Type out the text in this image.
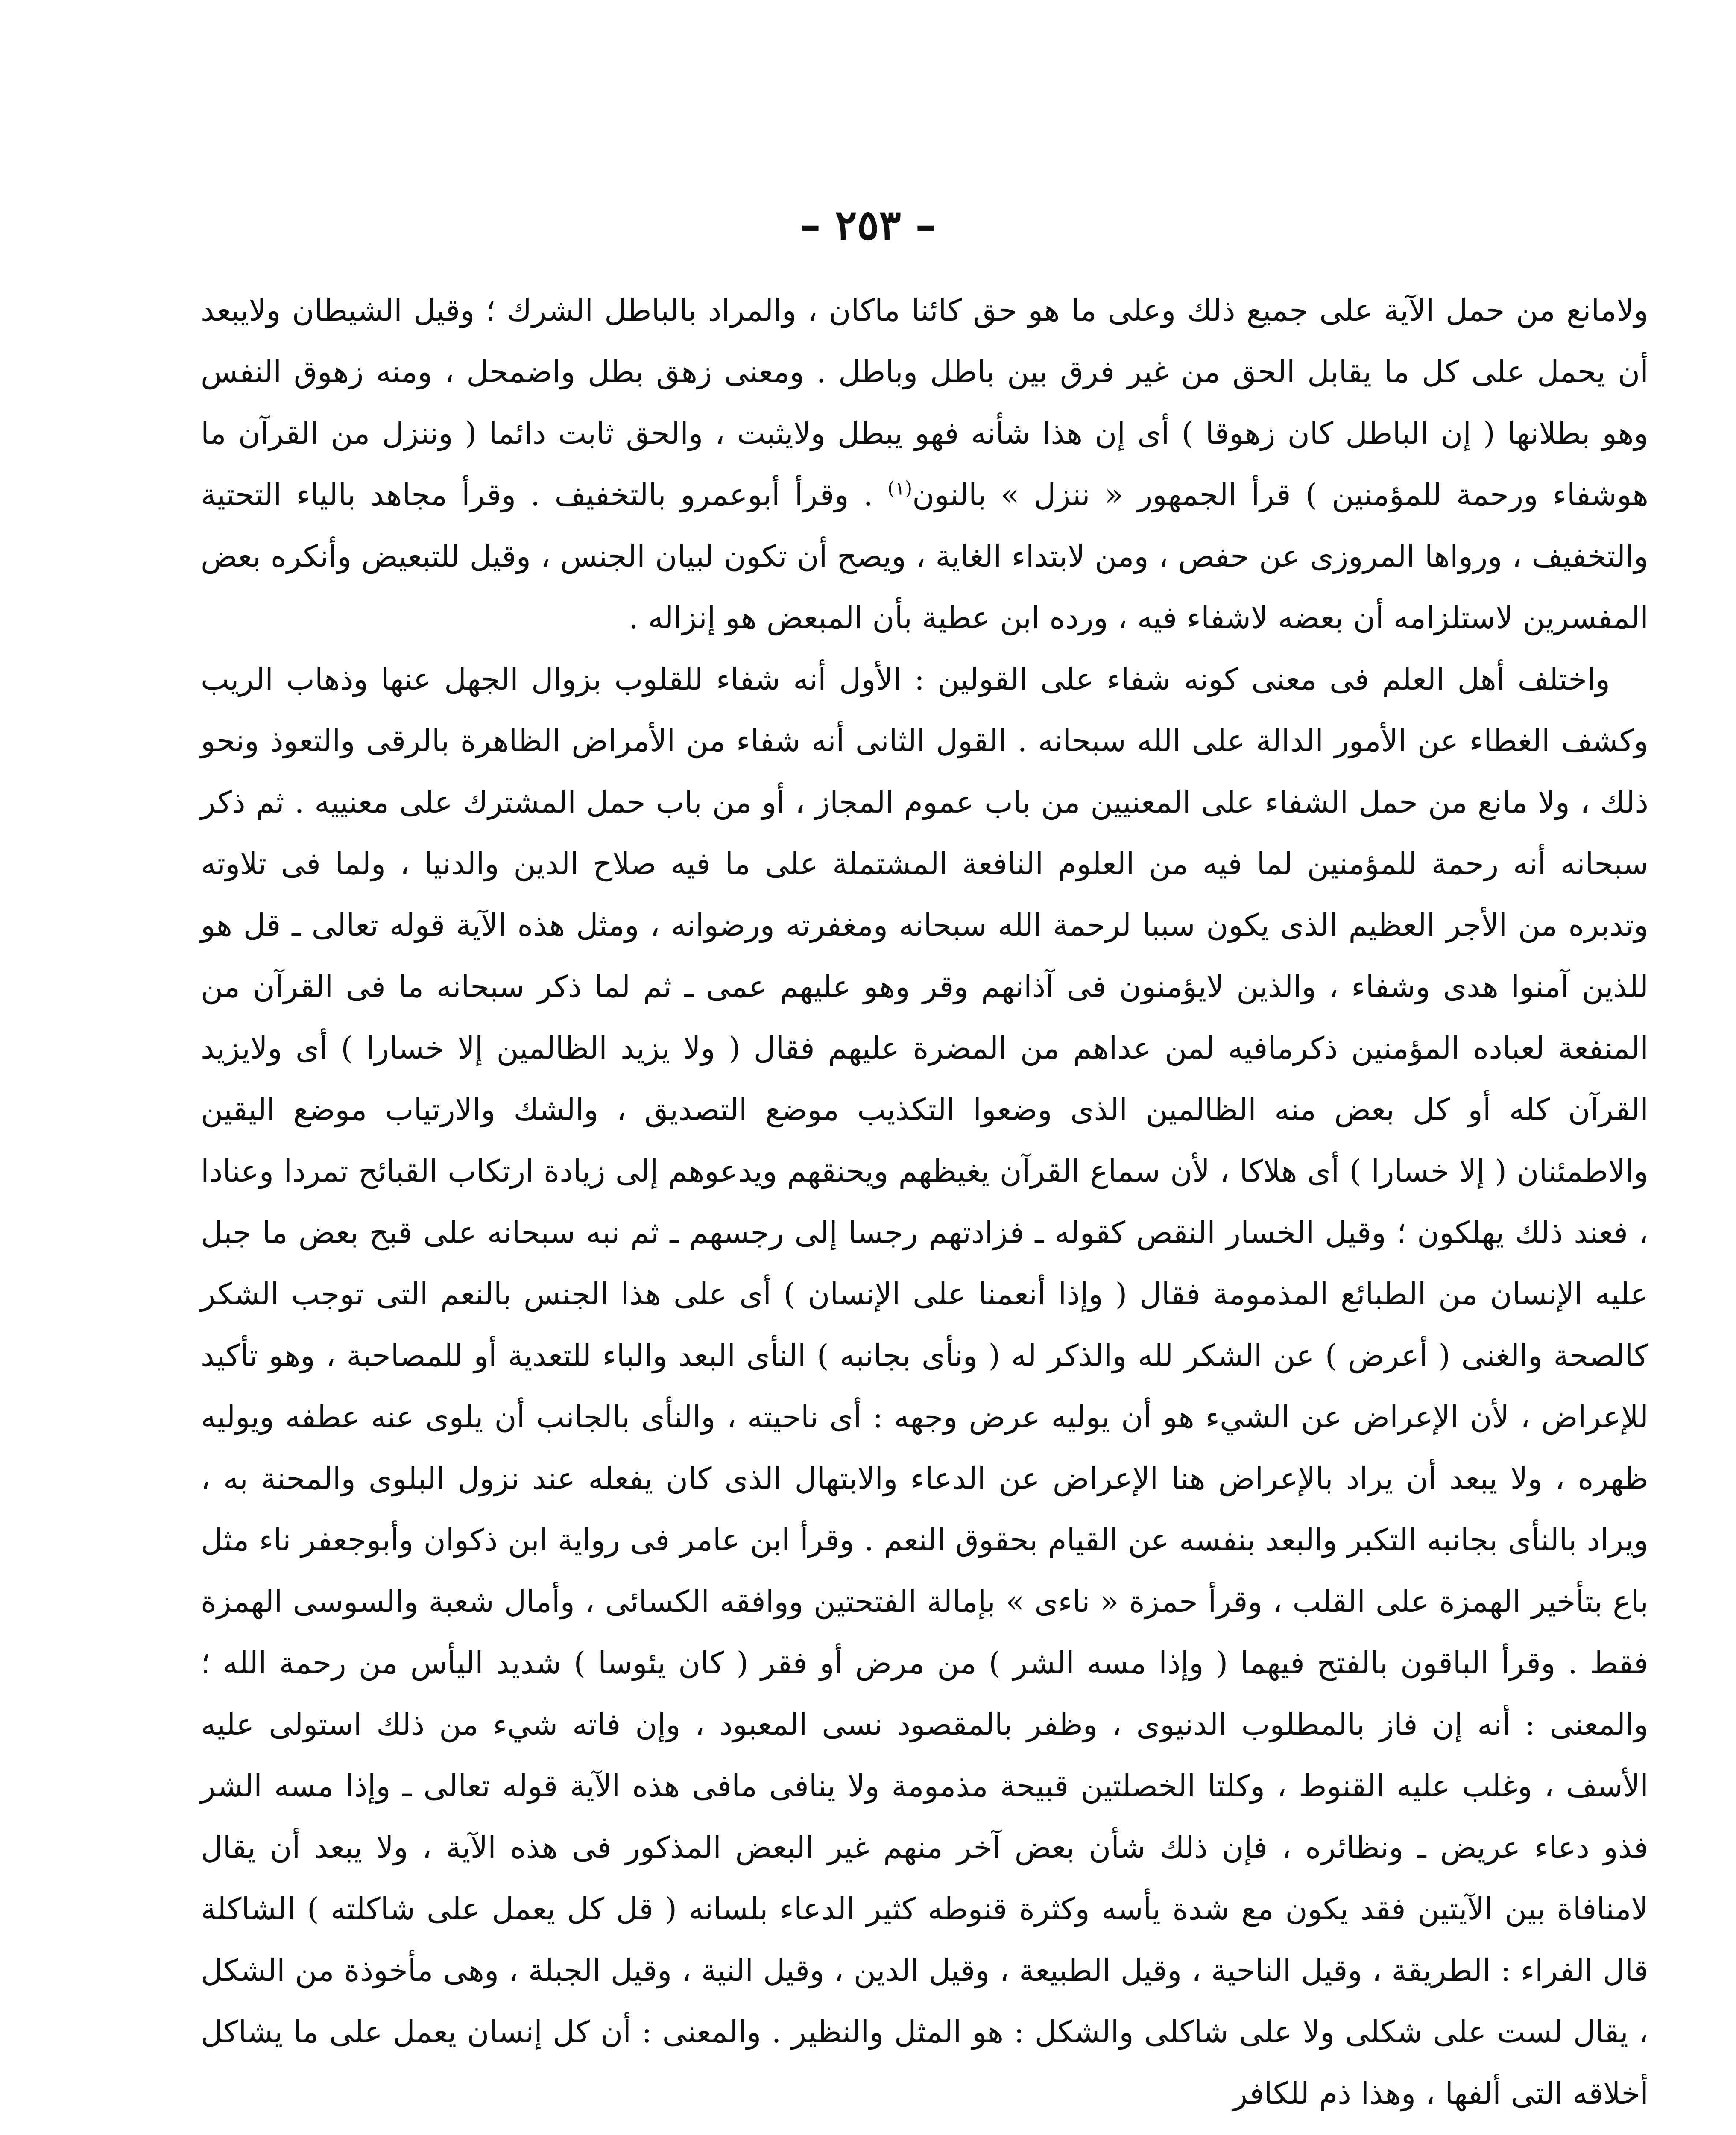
– ٢٥٣ –

ولامانع من حمل الآية على جميع ذلك وعلى ما هو حق كائنا ماكان ، والمراد بالباطل الشرك ؛ وقيل الشيطان ولايبعد أن يحمل على كل ما يقابل الحق من غير فرق بين باطل وباطل . ومعنى زهق بطل واضمحل ، ومنه زهوق النفس وهو بطلانها ( إن الباطل كان زهوقا ) أى إن هذا شأنه فهو يبطل ولايثبت ، والحق ثابت دائما ( وننزل من القرآن ما هوشفاء ورحمة للمؤمنين ) قرأ الجمهور « ننزل » بالنون$^{(١)}$ . وقرأ أبوعمرو بالتخفيف . وقرأ مجاهد بالياء التحتية والتخفيف ، ورواها المروزى عن حفص ، ومن لابتداء الغاية ، ويصح أن تكون لبيان الجنس ، وقيل للتبعيض وأنكره بعض المفسرين لاستلزامه أن بعضه لاشفاء فيه ، ورده ابن عطية بأن المبعض هو إنزاله .

واختلف أهل العلم فى معنى كونه شفاء على القولين : الأول أنه شفاء للقلوب بزوال الجهل عنها وذهاب الريب وكشف الغطاء عن الأمور الدالة على الله سبحانه . القول الثانى أنه شفاء من الأمراض الظاهرة بالرقى والتعوذ ونحو ذلك ، ولا مانع من حمل الشفاء على المعنيين من باب عموم المجاز ، أو من باب حمل المشترك على معنييه . ثم ذكر سبحانه أنه رحمة للمؤمنين لما فيه من العلوم النافعة المشتملة على ما فيه صلاح الدين والدنيا ، ولما فى تلاوته وتدبره من الأجر العظيم الذى يكون سببا لرحمة الله سبحانه ومغفرته ورضوانه ، ومثل هذه الآية قوله تعالى ـ قل هو للذين آمنوا هدى وشفاء ، والذين لايؤمنون فى آذانهم وقر وهو عليهم عمى ـ ثم لما ذكر سبحانه ما فى القرآن من المنفعة لعباده المؤمنين ذكرمافيه لمن عداهم من المضرة عليهم فقال ( ولا يزيد الظالمين إلا خسارا ) أى ولايزيد القرآن كله أو كل بعض منه الظالمين الذى وضعوا التكذيب موضع التصديق ، والشك والارتياب موضع اليقين والاطمئنان ( إلا خسارا ) أى هلاكا ، لأن سماع القرآن يغيظهم ويحنقهم ويدعوهم إلى زيادة ارتكاب القبائح تمردا وعنادا ، فعند ذلك يهلكون ؛ وقيل الخسار النقص كقوله ـ فزادتهم رجسا إلى رجسهم ـ ثم نبه سبحانه على قبح بعض ما جبل عليه الإنسان من الطبائع المذمومة فقال ( وإذا أنعمنا على الإنسان ) أى على هذا الجنس بالنعم التى توجب الشكر كالصحة والغنى ( أعرض ) عن الشكر لله والذكر له ( ونأى بجانبه ) النأى البعد والباء للتعدية أو للمصاحبة ، وهو تأكيد للإعراض ، لأن الإعراض عن الشيء هو أن يوليه عرض وجهه : أى ناحيته ، والنأى بالجانب أن يلوى عنه عطفه ويوليه ظهره ، ولا يبعد أن يراد بالإعراض هنا الإعراض عن الدعاء والابتهال الذى كان يفعله عند نزول البلوى والمحنة به ، ويراد بالنأى بجانبه التكبر والبعد بنفسه عن القيام بحقوق النعم . وقرأ ابن عامر فى رواية ابن ذكوان وأبوجعفر ناء مثل باع بتأخير الهمزة على القلب ، وقرأ حمزة « ناءى » بإمالة الفتحتين ووافقه الكسائى ، وأمال شعبة والسوسى الهمزة فقط . وقرأ الباقون بالفتح فيهما ( وإذا مسه الشر ) من مرض أو فقر ( كان يئوسا ) شديد اليأس من رحمة الله ؛ والمعنى : أنه إن فاز بالمطلوب الدنيوى ، وظفر بالمقصود نسى المعبود ، وإن فاته شيء من ذلك استولى عليه الأسف ، وغلب عليه القنوط ، وكلتا الخصلتين قبيحة مذمومة ولا ينافى مافى هذه الآية قوله تعالى ـ وإذا مسه الشر فذو دعاء عريض ـ ونظائره ، فإن ذلك شأن بعض آخر منهم غير البعض المذكور فى هذه الآية ، ولا يبعد أن يقال لامنافاة بين الآيتين فقد يكون مع شدة يأسه وكثرة قنوطه كثير الدعاء بلسانه ( قل كل يعمل على شاكلته ) الشاكلة قال الفراء : الطريقة ، وقيل الناحية ، وقيل الطبيعة ، وقيل الدين ، وقيل النية ، وقيل الجبلة ، وهى مأخوذة من الشكل ، يقال لست على شكلى ولا على شاكلى والشكل : هو المثل والنظير . والمعنى : أن كل إنسان يعمل على ما يشاكل أخلاقه التى ألفها ، وهذا ذم للكافر
